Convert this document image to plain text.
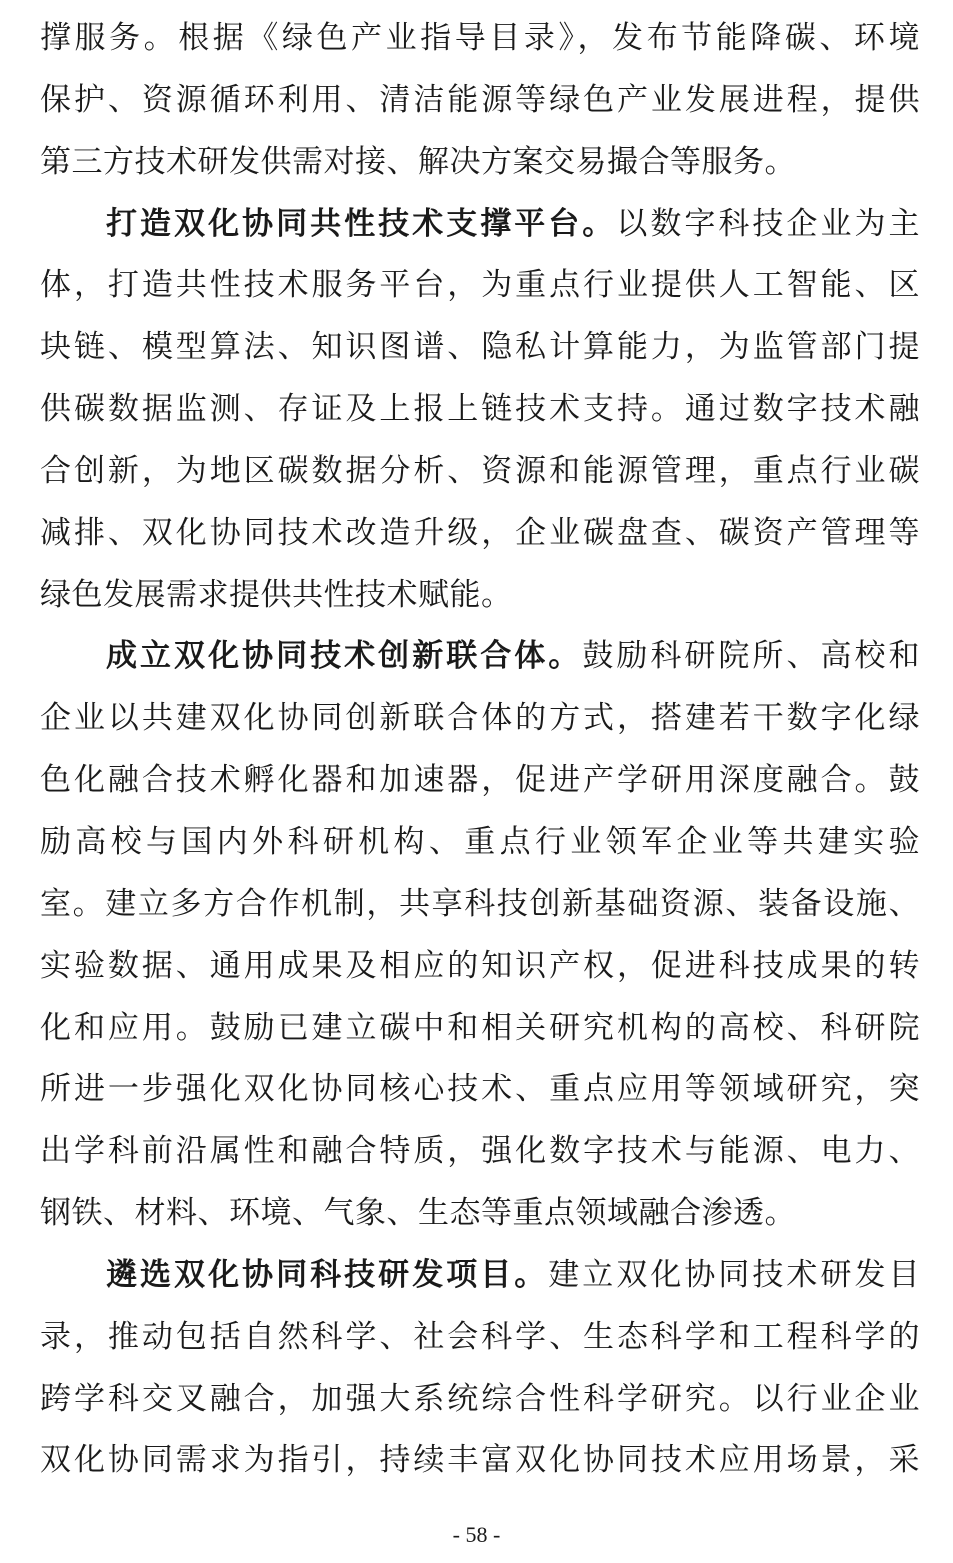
撑服务。根据《绿色产业指导目录》，发布节能降碳、环境
保护、资源循环利用、清洁能源等绿色产业发展进程，提供
第三方技术研发供需对接、解决方案交易撮合等服务。
打造双化协同共性技术支撑平台。以数字科技企业为主
体，打造共性技术服务平台，为重点行业提供人工智能、区
块链、模型算法、知识图谱、隐私计算能力，为监管部门提
供碳数据监测、存证及上报上链技术支持。通过数字技术融
合创新，为地区碳数据分析、资源和能源管理，重点行业碳
减排、双化协同技术改造升级，企业碳盘查、碳资产管理等
绿色发展需求提供共性技术赋能。
成立双化协同技术创新联合体。鼓励科研院所、高校和
企业以共建双化协同创新联合体的方式，搭建若干数字化绿
色化融合技术孵化器和加速器，促进产学研用深度融合。鼓
励高校与国内外科研机构、重点行业领军企业等共建实验
室。建立多方合作机制，共享科技创新基础资源、装备设施、
实验数据、通用成果及相应的知识产权，促进科技成果的转
化和应用。鼓励已建立碳中和相关研究机构的高校、科研院
所进一步强化双化协同核心技术、重点应用等领域研究，突
出学科前沿属性和融合特质，强化数字技术与能源、电力、
钢铁、材料、环境、气象、生态等重点领域融合渗透。
遴选双化协同科技研发项目。建立双化协同技术研发目
录，推动包括自然科学、社会科学、生态科学和工程科学的
跨学科交叉融合，加强大系统综合性科学研究。以行业企业
双化协同需求为指引，持续丰富双化协同技术应用场景，采
- 58 -
